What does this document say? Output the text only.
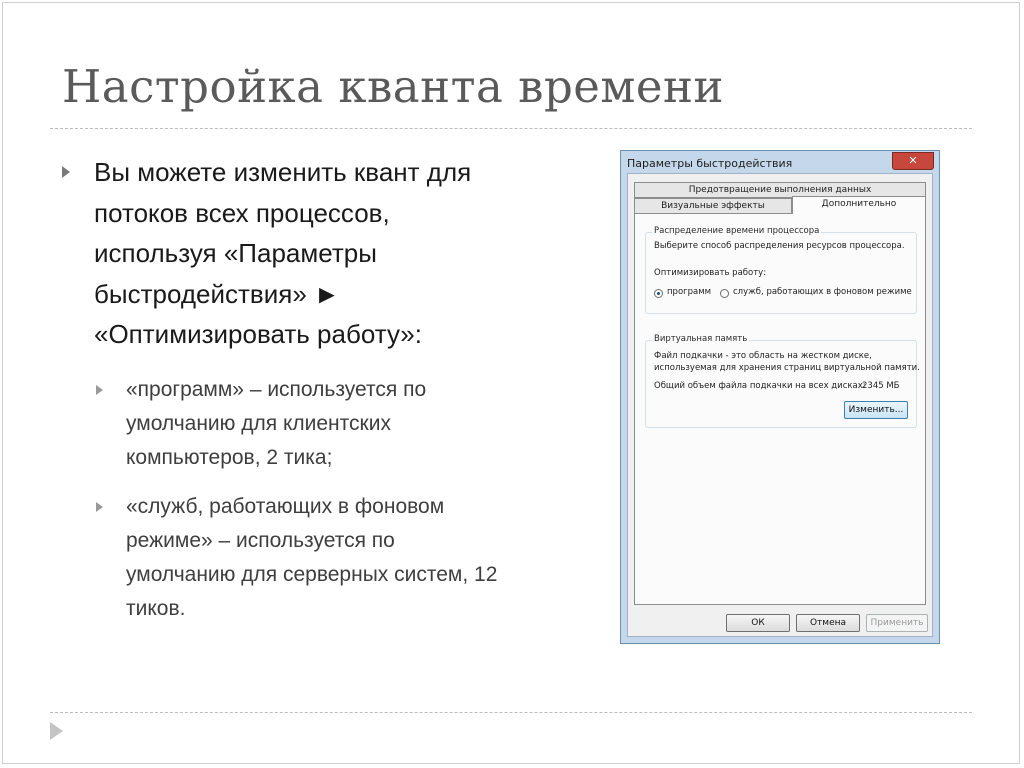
Настройка кванта времени
Вы можете изменить квант для
потоков всех процессов,
используя «Параметры
быстродействия» ►
«Оптимизировать работу»:
«программ» – используется по
умолчанию для клиентских
компьютеров, 2 тика;
«служб, работающих в фоновом
режиме» – используется по
умолчанию для серверных систем, 12
тиков.
Параметры быстродействия	✕
Предотвращение выполнения данных
Визуальные эффекты	Дополнительно
Распределение времени процессора
Выберите способ распределения ресурсов процессора.
Оптимизировать работу:
программ	служб, работающих в фоновом режиме
Виртуальная память
Файл подкачки - это область на жестком диске,
используемая для хранения страниц виртуальной памяти.
Общий объем файла подкачки на всех дисках:
2345 МБ
Изменить...
ОК	Отмена	Применить
